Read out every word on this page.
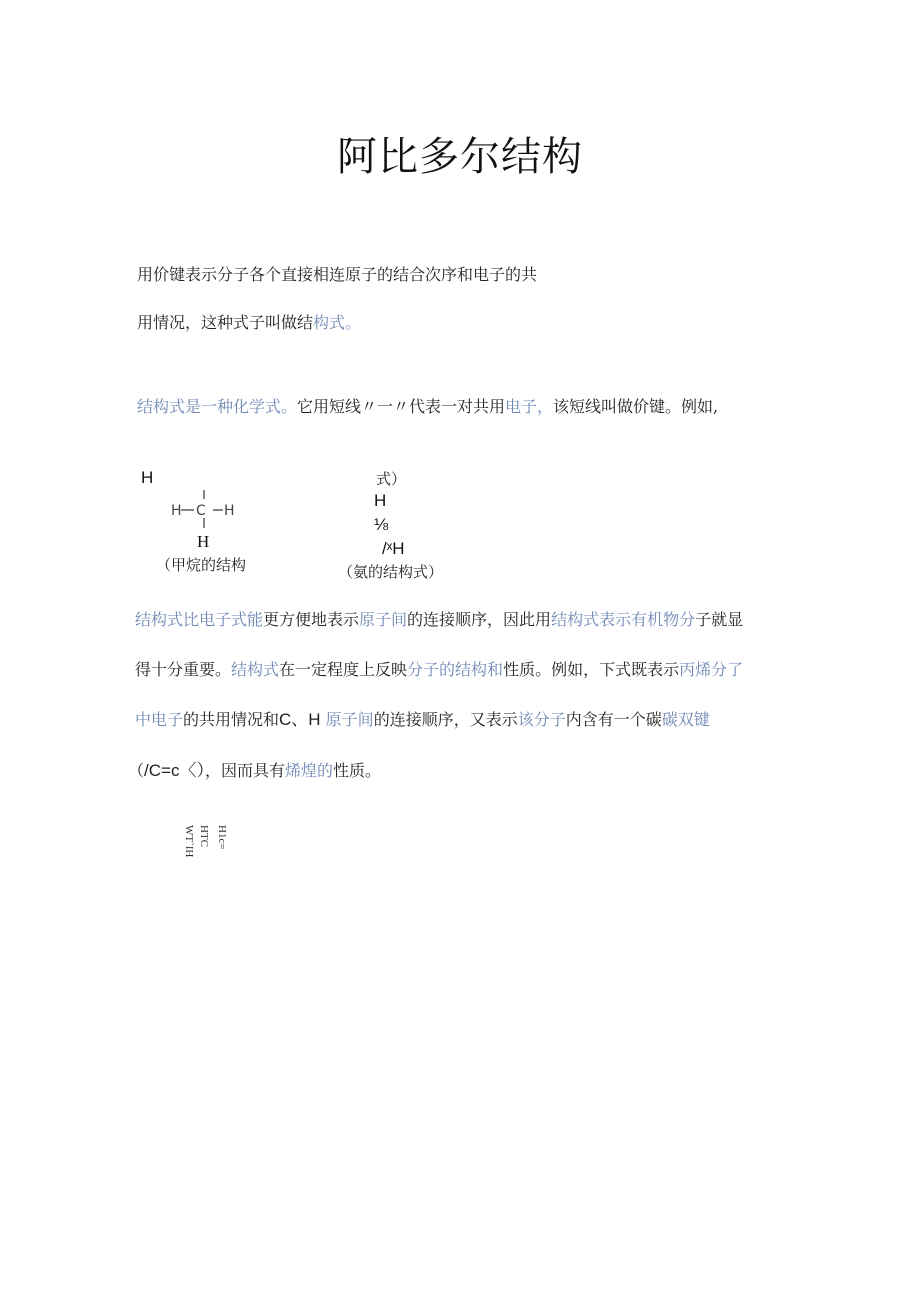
阿比多尔结构
用价键表示分子各个直接相连原子的结合次序和电子的共
用情况，这种式子叫做结构式。
结构式是一种化学式。它用短线〃一〃代表一对共用电子，该短线叫做价键。例如,
H
H C H
H
（甲烷的结构
式）
H
⅛
/ˣH
（氨的结构式）
结构式比电子式能更方便地表示原子间的连接顺序，因此用结构式表示有机物分子就显
得十分重要。结构式在一定程度上反映分子的结构和性质。例如，下式既表示丙烯分了
中电子的共用情况和C、H 原子间的连接顺序，又表示该分子内含有一个碳碳双键
（/C=c〈），因而具有烯煌的性质。
H1c=
HTC
WT`IH
